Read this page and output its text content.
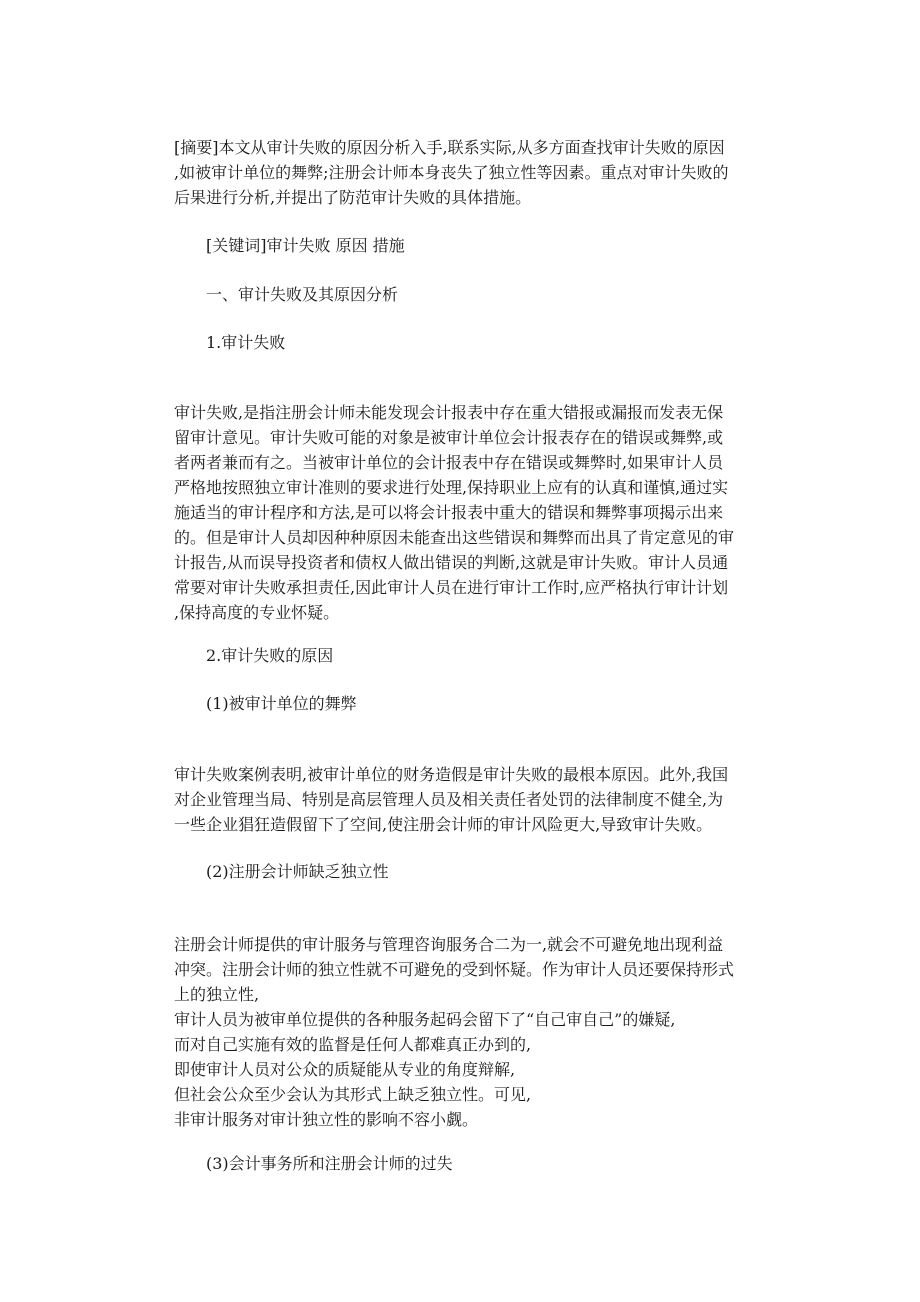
[摘要]本文从审计失败的原因分析入手,联系实际,从多方面查找审计失败的原因
,如被审计单位的舞弊;注册会计师本身丧失了独立性等因素。重点对审计失败的
后果进行分析,并提出了防范审计失败的具体措施。
[关键词]审计失败 原因 措施
一、审计失败及其原因分析
1.审计失败
审计失败,是指注册会计师未能发现会计报表中存在重大错报或漏报而发表无保
留审计意见。审计失败可能的对象是被审计单位会计报表存在的错误或舞弊,或
者两者兼而有之。当被审计单位的会计报表中存在错误或舞弊时,如果审计人员
严格地按照独立审计准则的要求进行处理,保持职业上应有的认真和谨慎,通过实
施适当的审计程序和方法,是可以将会计报表中重大的错误和舞弊事项揭示出来
的。但是审计人员却因种种原因未能查出这些错误和舞弊而出具了肯定意见的审
计报告,从而误导投资者和债权人做出错误的判断,这就是审计失败。审计人员通
常要对审计失败承担责任,因此审计人员在进行审计工作时,应严格执行审计计划
,保持高度的专业怀疑。
2.审计失败的原因
(1)被审计单位的舞弊
审计失败案例表明,被审计单位的财务造假是审计失败的最根本原因。此外,我国
对企业管理当局、特别是高层管理人员及相关责任者处罚的法律制度不健全,为
一些企业猖狂造假留下了空间,使注册会计师的审计风险更大,导致审计失败。
(2)注册会计师缺乏独立性
注册会计师提供的审计服务与管理咨询服务合二为一,就会不可避免地出现利益
冲突。注册会计师的独立性就不可避免的受到怀疑。作为审计人员还要保持形式
上的独立性,
审计人员为被审单位提供的各种服务起码会留下了“自己审自己”的嫌疑,
而对自己实施有效的监督是任何人都难真正办到的,
即使审计人员对公众的质疑能从专业的角度辩解,
但社会公众至少会认为其形式上缺乏独立性。可见,
非审计服务对审计独立性的影响不容小觑。
(3)会计事务所和注册会计师的过失
